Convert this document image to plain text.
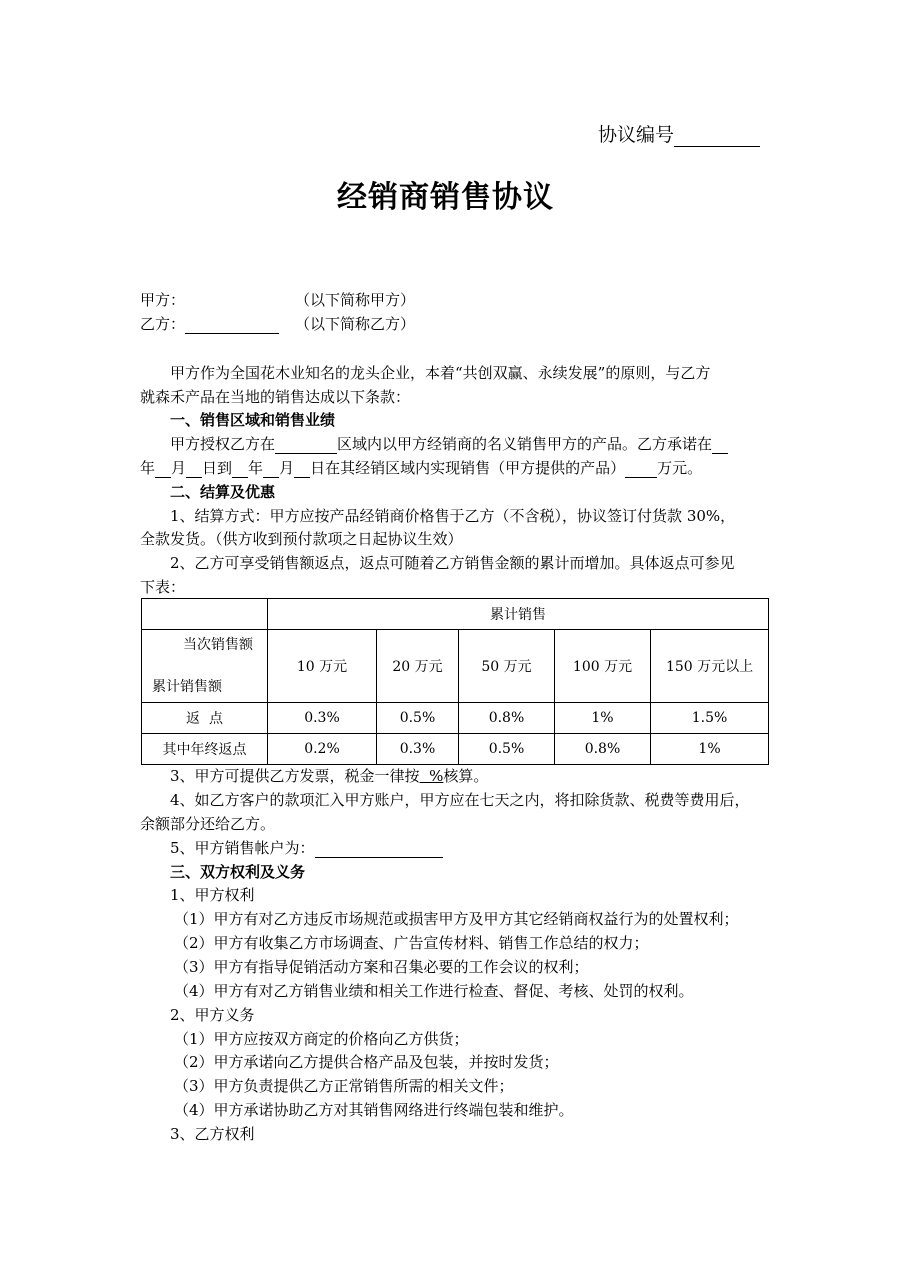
协议编号
经销商销售协议
甲方：	（以下简称甲方）
乙方：	（以下简称乙方）
甲方作为全国花木业知名的龙头企业，本着“共创双赢、永续发展”的原则，与乙方
就森禾产品在当地的销售达成以下条款：
一、销售区域和销售业绩
甲方授权乙方在	区域内以甲方经销商的名义销售甲方的产品。乙方承诺在
年 月 日到 年 月 日在其经销区域内实现销售（甲方提供的产品） 万元。
二、结算及优惠
1、结算方式：甲方应按产品经销商价格售于乙方（不含税），协议签订付货款 30%，
全款发货。（供方收到预付款项之日起协议生效）
2、乙方可享受销售额返点，返点可随着乙方销售金额的累计而增加。具体返点可参见
下表：
	累计销售				

当次销售额
累计销售额	10 万元	20 万元	50 万元	100 万元	150 万元以上
返  点	0.3%	0.5%	0.8%	1%	1.5%
其中年终返点	0.2%	0.3%	0.5%	0.8%	1%
3、甲方可提供乙方发票，税金一律按 %核算。
4、如乙方客户的款项汇入甲方账户，甲方应在七天之内，将扣除货款、税费等费用后，
余额部分还给乙方。
5、甲方销售帐户为：
三、双方权利及义务
1、甲方权利
（1）甲方有对乙方违反市场规范或损害甲方及甲方其它经销商权益行为的处置权利；
（2）甲方有收集乙方市场调查、广告宣传材料、销售工作总结的权力；
（3）甲方有指导促销活动方案和召集必要的工作会议的权利；
（4）甲方有对乙方销售业绩和相关工作进行检查、督促、考核、处罚的权利。
2、甲方义务
（1）甲方应按双方商定的价格向乙方供货；
（2）甲方承诺向乙方提供合格产品及包装，并按时发货；
（3）甲方负责提供乙方正常销售所需的相关文件；
（4）甲方承诺协助乙方对其销售网络进行终端包装和维护。
3、乙方权利
